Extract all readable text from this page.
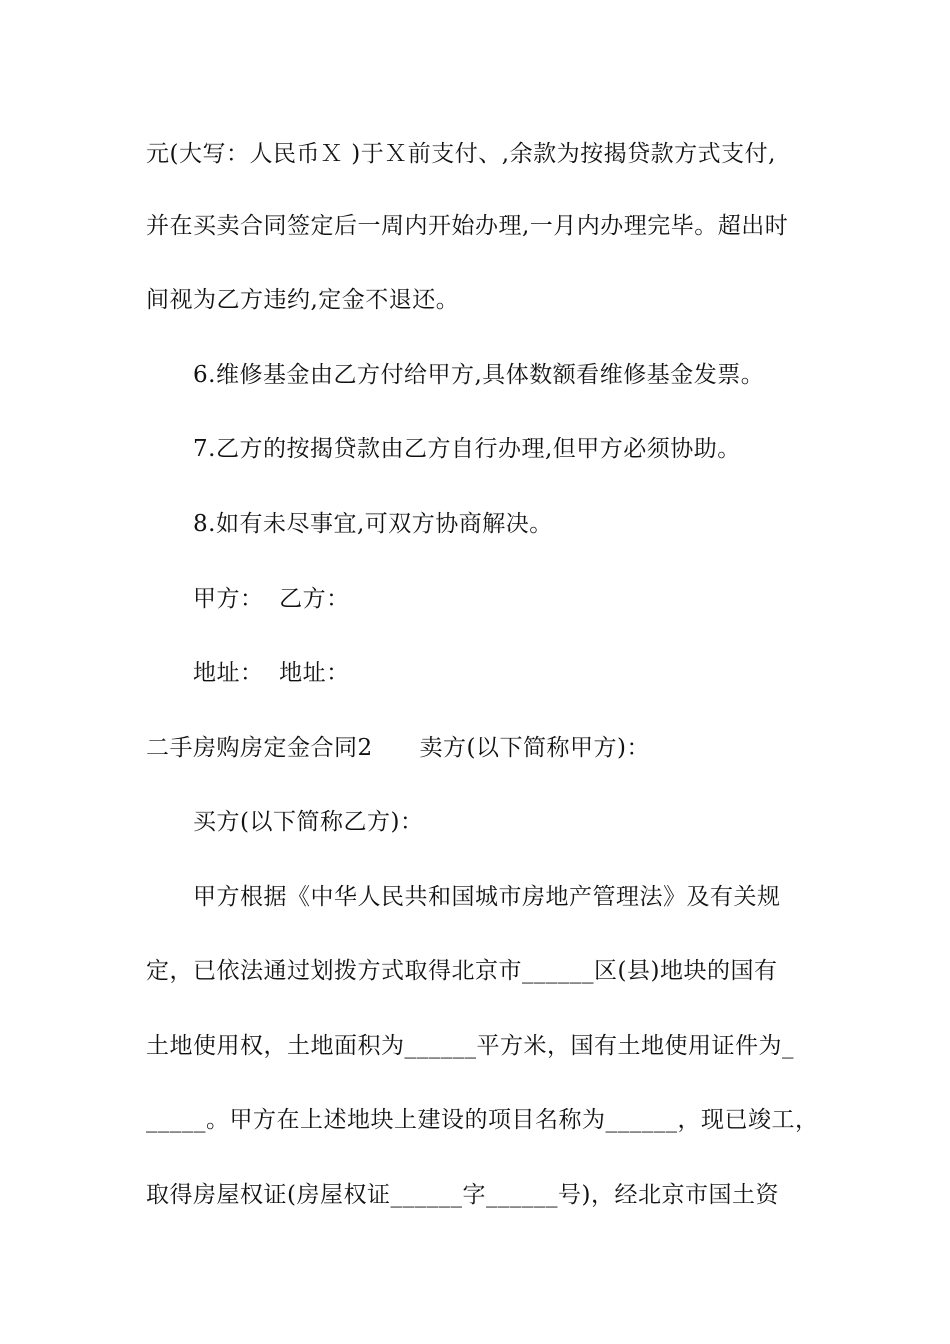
元(大写：人民币Ｘ )于Ｘ前支付、,余款为按揭贷款方式支付,
并在买卖合同签定后一周内开始办理,一月内办理完毕。超出时
间视为乙方违约,定金不退还。
6.维修基金由乙方付给甲方,具体数额看维修基金发票。
7.乙方的按揭贷款由乙方自行办理,但甲方必须协助。
8.如有未尽事宜,可双方协商解决。
甲方：  乙方：
地址：  地址：
二手房购房定金合同2      卖方(以下简称甲方)：
买方(以下简称乙方)：
甲方根据《中华人民共和国城市房地产管理法》及有关规
定，已依法通过划拨方式取得北京市______区(县)地块的国有
土地使用权，土地面积为______平方米，国有土地使用证件为_
_____。甲方在上述地块上建设的项目名称为______，现已竣工，
取得房屋权证(房屋权证______字______号)，经北京市国土资
